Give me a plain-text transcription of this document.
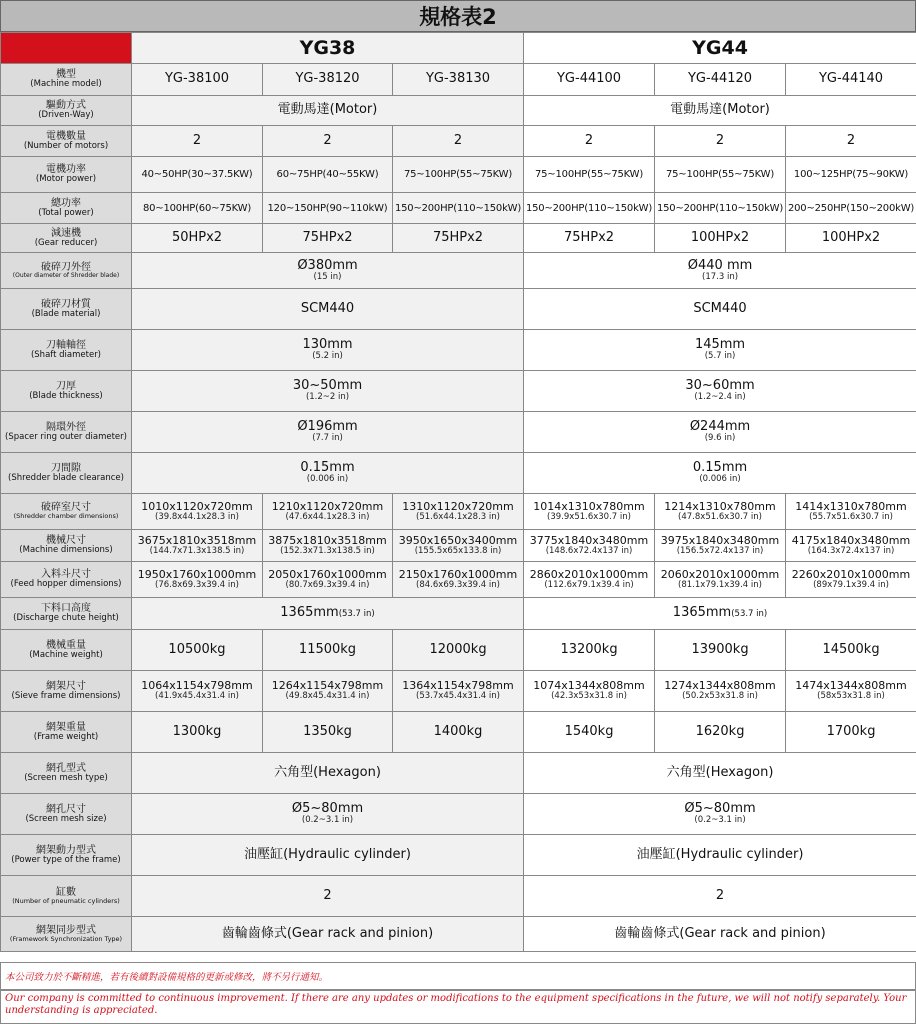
規格表2
	YG38			YG44		

機型
(Machine model)	YG-38100	YG-38120	YG-38130	YG-44100	YG-44120	YG-44140

驅動方式
(Driven-Way)	電動馬達(Motor)			電動馬達(Motor)		

電機數量
(Number of motors)	2	2	2	2	2	2

電機功率
(Motor power)	40~50HP(30~37.5KW)	60~75HP(40~55KW)	75~100HP(55~75KW)	75~100HP(55~75KW)	75~100HP(55~75KW)	100~125HP(75~90KW)

總功率
(Total power)	80~100HP(60~75KW)	120~150HP(90~110kW)	150~200HP(110~150kW)	150~200HP(110~150kW)	150~200HP(110~150kW)	200~250HP(150~200kW)

減速機
(Gear reducer)	50HPx2	75HPx2	75HPx2	75HPx2	100HPx2	100HPx2

破碎刀外徑
(Outer diameter of Shredder blade)	Ø380mm
(15 in)			Ø440 mm
(17.3 in)		

破碎刀材質
(Blade material)	SCM440			SCM440		

刀軸軸徑
(Shaft diameter)	130mm
(5.2 in)			145mm
(5.7 in)		

刀厚
(Blade thickness)	30~50mm
(1.2~2 in)			30~60mm
(1.2~2.4 in)		

隔環外徑
(Spacer ring outer diameter)	Ø196mm
(7.7 in)			Ø244mm
(9.6 in)		

刀間隙
(Shredder blade clearance)	0.15mm
(0.006 in)			0.15mm
(0.006 in)		

破碎室尺寸
(Shredder chamber dimensions)	1010x1120x720mm
(39.8x44.1x28.3 in)	1210x1120x720mm
(47.6x44.1x28.3 in)	1310x1120x720mm
(51.6x44.1x28.3 in)	1014x1310x780mm
(39.9x51.6x30.7 in)	1214x1310x780mm
(47.8x51.6x30.7 in)	1414x1310x780mm
(55.7x51.6x30.7 in)

機械尺寸
(Machine dimensions)	3675x1810x3518mm
(144.7x71.3x138.5 in)	3875x1810x3518mm
(152.3x71.3x138.5 in)	3950x1650x3400mm
(155.5x65x133.8 in)	3775x1840x3480mm
(148.6x72.4x137 in)	3975x1840x3480mm
(156.5x72.4x137 in)	4175x1840x3480mm
(164.3x72.4x137 in)

入料斗尺寸
(Feed hopper dimensions)	1950x1760x1000mm
(76.8x69.3x39.4 in)	2050x1760x1000mm
(80.7x69.3x39.4 in)	2150x1760x1000mm
(84.6x69.3x39.4 in)	2860x2010x1000mm
(112.6x79.1x39.4 in)	2060x2010x1000mm
(81.1x79.1x39.4 in)	2260x2010x1000mm
(89x79.1x39.4 in)

下料口高度
(Discharge chute height)	1365mm(53.7 in)			1365mm(53.7 in)		

機械重量
(Machine weight)	10500kg	11500kg	12000kg	13200kg	13900kg	14500kg

網架尺寸
(Sieve frame dimensions)	1064x1154x798mm
(41.9x45.4x31.4 in)	1264x1154x798mm
(49.8x45.4x31.4 in)	1364x1154x798mm
(53.7x45.4x31.4 in)	1074x1344x808mm
(42.3x53x31.8 in)	1274x1344x808mm
(50.2x53x31.8 in)	1474x1344x808mm
(58x53x31.8 in)

網架重量
(Frame weight)	1300kg	1350kg	1400kg	1540kg	1620kg	1700kg

網孔型式
(Screen mesh type)	六角型(Hexagon)			六角型(Hexagon)		

網孔尺寸
(Screen mesh size)	Ø5~80mm
(0.2~3.1 in)			Ø5~80mm
(0.2~3.1 in)		

網架動力型式
(Power type of the frame)	油壓缸(Hydraulic cylinder)			油壓缸(Hydraulic cylinder)		

缸數
(Number of pneumatic cylinders)	2			2		

網架同步型式
(Framework Synchronization Type)	齒輪齒條式(Gear rack and pinion)			齒輪齒條式(Gear rack and pinion)		
本公司致力於不斷精進，若有後續對設備規格的更新或修改，將不另行通知。
Our company is committed to continuous improvement. If there are any updates or modifications to the equipment specifications in the future, we will not notify separately. Your understanding is appreciated.
